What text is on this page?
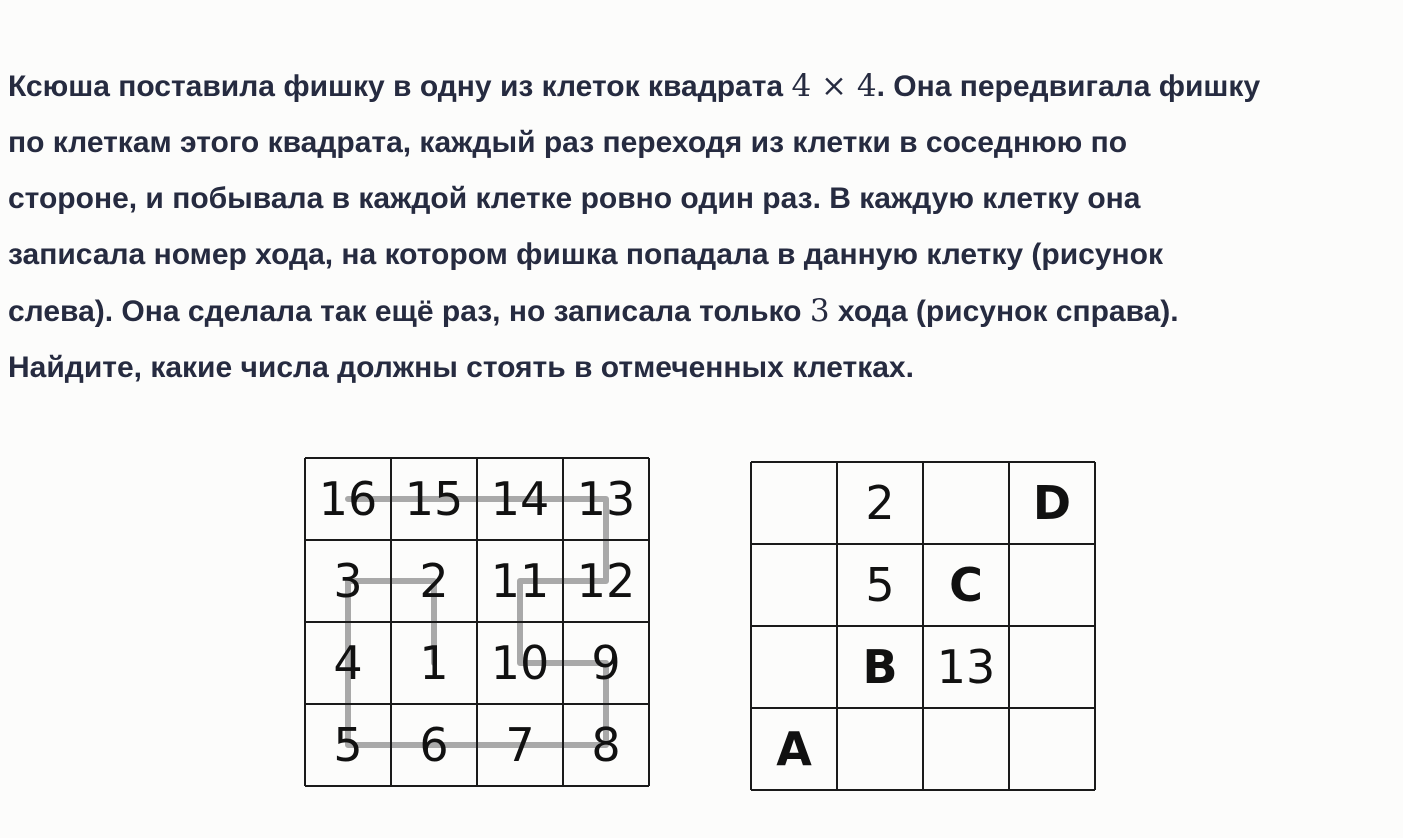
Ксюша поставила фишку в одну из клеток квадрата 4 × 4. Она передвигала фишку

по клеткам этого квадрата, каждый раз переходя из клетки в соседнюю по

стороне, и побывала в каждой клетке ровно один раз. В каждую клетку она

записала номер хода, на котором фишка попадала в данную клетку (рисунок

слева). Она сделала так ещё раз, но записала только 3 хода (рисунок справа).

Найдите, какие числа должны стоять в отмеченных клетках.

16 15 14 13
3 2 11 12
4 1 10 9
5 6 7 8
2	D
5 C
B 13
A
